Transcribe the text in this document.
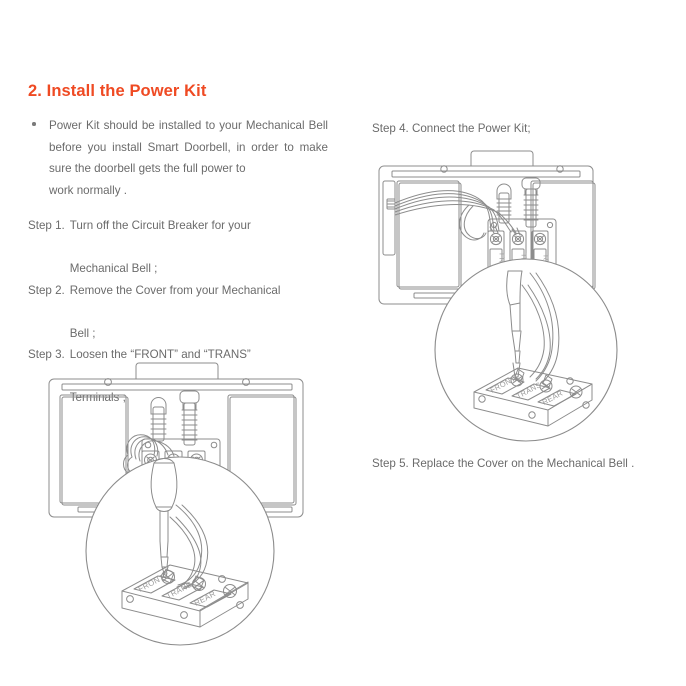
2. Install the Power Kit
Power Kit should be installed to your Mechanical Bell before you install Smart Doorbell, in order to make sure the doorbell gets the full power to
work normally .
Step 1. Turn off the Circuit Breaker for your
Mechanical Bell ;
Step 2. Remove the Cover from your Mechanical
Bell ;
Step 3. Loosen the “FRONT” and “TRANS”
Terminals ;
Step 4. Connect the Power Kit;
Step 5. Replace the Cover on the Mechanical Bell .
FRONT
TRANS
REAR
FRONT
TRANS REAR
